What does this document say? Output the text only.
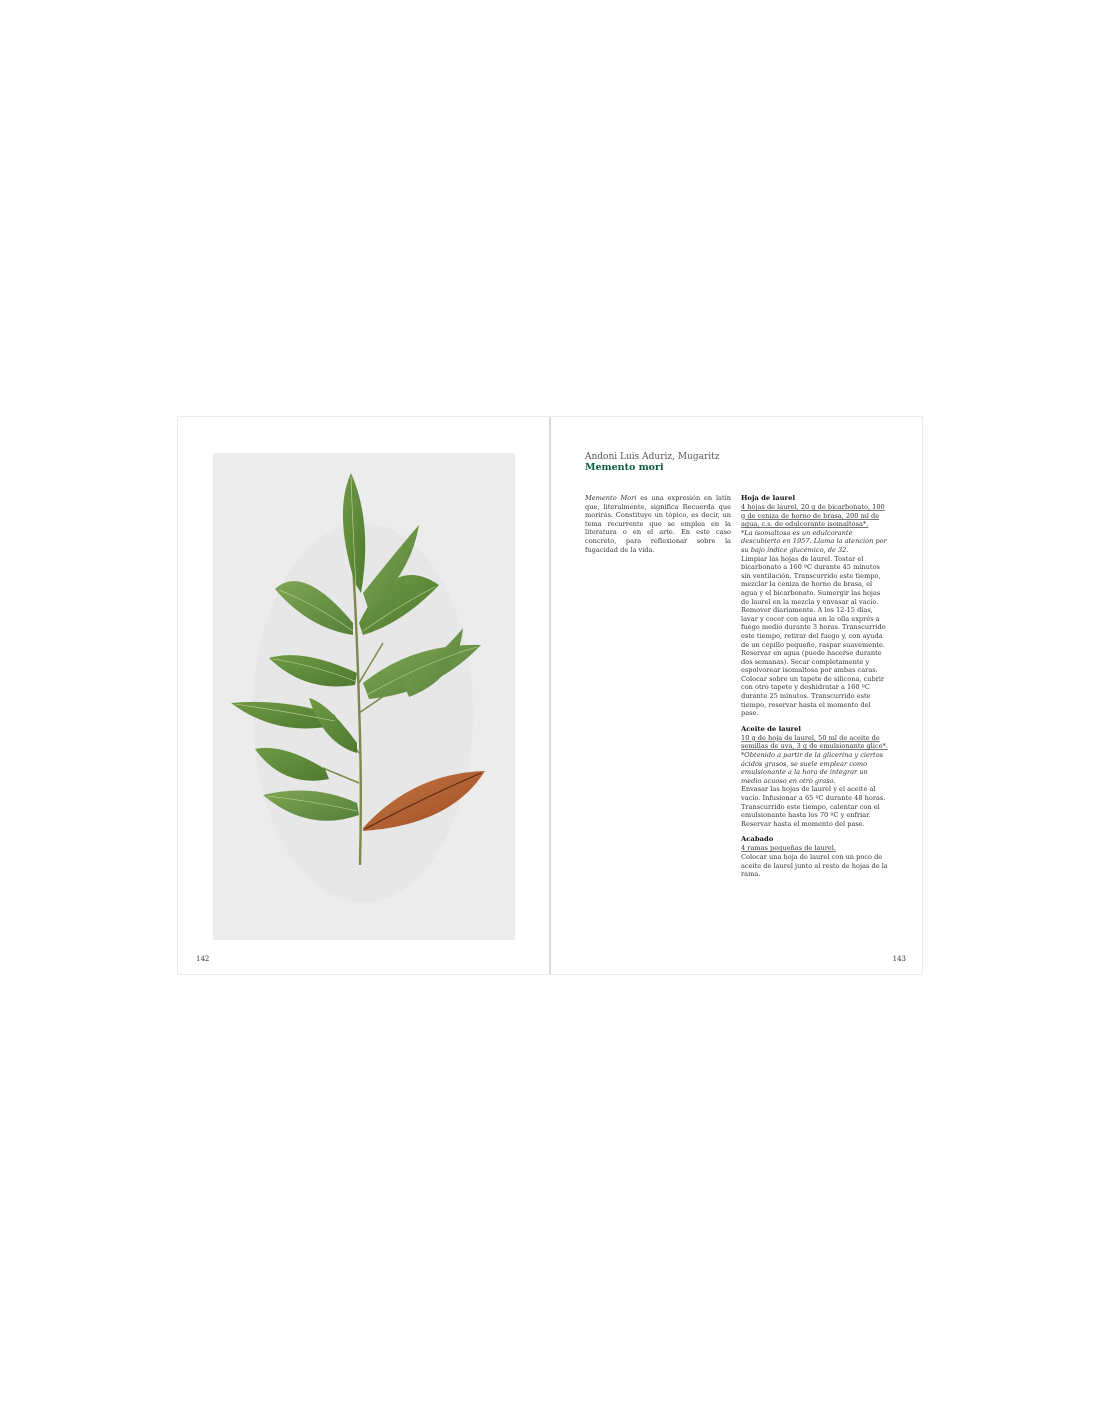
142
Andoni Luis Aduriz, Mugaritz
Memento mori
Memento Mori es una expresión en latín que, literalmente, significa Recuerda que morirás. Constituye un tópico, es decir, un tema recurrente que se emplea en la literatura o en el arte. En este caso concreto, para reflexionar sobre la fugacidad de la vida.
Hoja de laurel

4 hojas de laurel, 20 g de bicarbonato, 100 g de ceniza de horno de brasa, 200 ml de agua, c.s. de edulcorante isomaltosa*.

*La isomaltosa es un edulcorante descubierto en 1957. Llama la atención por su bajo índice glucémico, de 32.

Limpiar las hojas de laurel. Tostar el bicarbonato a 160 ºC durante 45 minutos sin ventilación. Transcurrido este tiempo, mezclar la ceniza de horno de brasa, el agua y el bicarbonato. Sumergir las hojas de laurel en la mezcla y envasar al vacío. Remover diariamente. A los 12-15 días, lavar y cocer con agua en la olla exprés a fuego medio durante 3 horas. Transcurrido este tiempo, retirar del fuego y, con ayuda de un cepillo pequeño, raspar suavemente. Reservar en agua (puede hacerse durante dos semanas). Secar completamente y espolvorear isomaltosa por ambas caras. Colocar sobre un tapete de silicona, cubrir con otro tapete y deshidratar a 160 ºC durante 25 minutos. Transcurrido este tiempo, reservar hasta el momento del pase.

Aceite de laurel

10 g de hoja de laurel, 50 ml de aceite de semillas de uva, 3 g de emulsionante glice*.

*Obtenido a partir de la glicerina y ciertos ácidos grasos, se suele emplear como emulsionante a la hora de integrar un medio acuoso en otro graso.

Envasar las hojas de laurel y el aceite al vacío. Infusionar a 65 ºC durante 48 horas. Transcurrido este tiempo, calentar con el emulsionante hasta los 70 ºC y enfriar. Reservar hasta el momento del pase.

Acabado

4 ramas pequeñas de laurel.

Colocar una hoja de laurel con un poco de aceite de laurel junto al resto de hojas de la rama.

143
